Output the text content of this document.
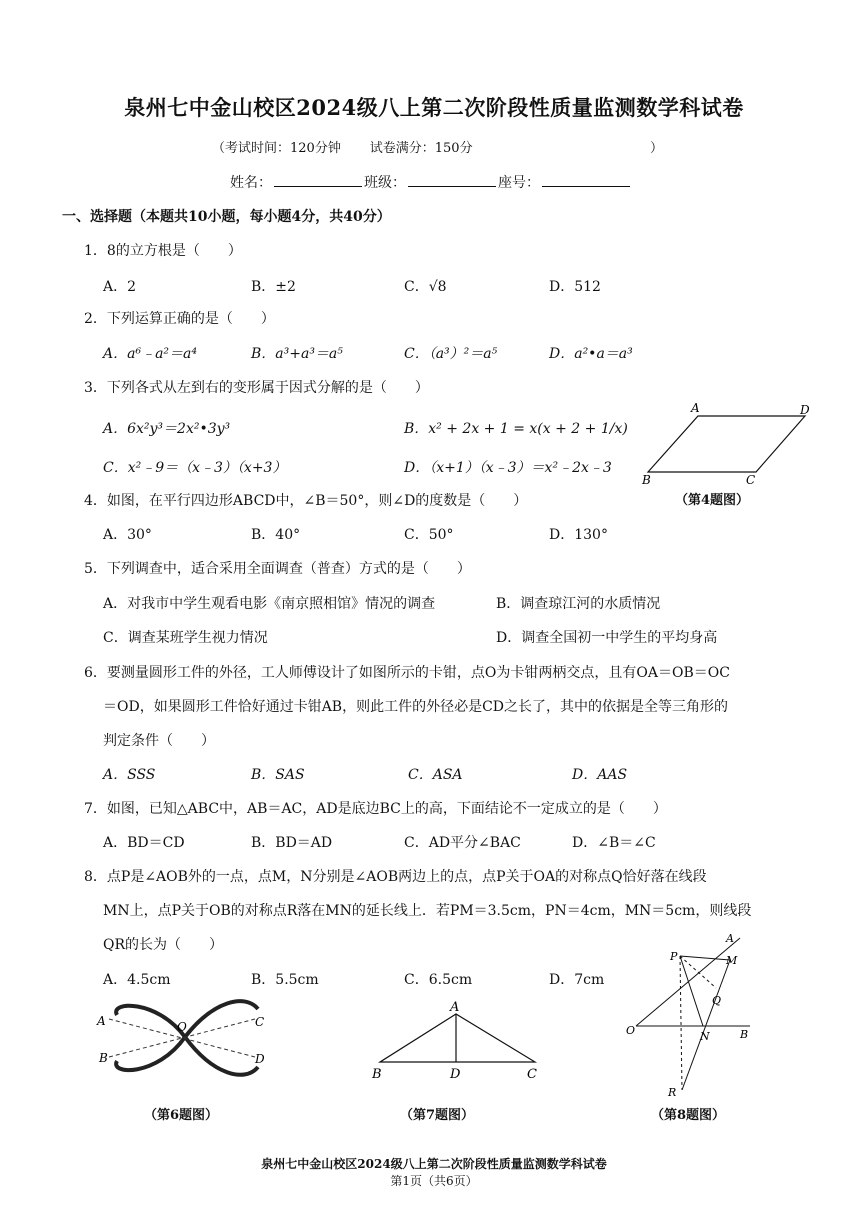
泉州七中金山校区2024级八上第二次阶段性质量监测数学科试卷
（考试时间：120分钟 试卷满分：150分	）
姓名：	班级：	座号：
一、选择题（本题共10小题，每小题4分，共40分）
1．8的立方根是（　　）
A．2	B．±2	C．√8	D．512
2．下列运算正确的是（　　）
A．a⁶﹣a²＝a⁴	B．a³+a³＝a⁵	C．（a³）²＝a⁵	D．a²•a＝a³
3．下列各式从左到右的变形属于因式分解的是（　　）
A．6x²y³＝2x²•3y³	B．x² + 2x + 1 = x(x + 2 + 1/x)
C．x²﹣9＝（x﹣3）（x+3）	D．（x+1）（x﹣3）＝x²﹣2x﹣3
A	D
B	C
（第4题图）
4．如图，在平行四边形ABCD中，∠B＝50°，则∠D的度数是（　　）
A．30°	B．40°	C．50°	D．130°
5．下列调查中，适合采用全面调查（普查）方式的是（　　）
A．对我市中学生观看电影《南京照相馆》情况的调查	B．调查琼江河的水质情况
C．调查某班学生视力情况	D．调查全国初一中学生的平均身高
6．要测量圆形工件的外径，工人师傅设计了如图所示的卡钳，点O为卡钳两柄交点，且有OA＝OB＝OC
＝OD，如果圆形工件恰好通过卡钳AB，则此工件的外径必是CD之长了，其中的依据是全等三角形的
判定条件（　　）
A．SSS	B．SAS	C．ASA	D．AAS
7．如图，已知△ABC中，AB＝AC，AD是底边BC上的高，下面结论不一定成立的是（　　）
A．BD＝CD	B．BD＝AD	C．AD平分∠BAC	D．∠B＝∠C
8．点P是∠AOB外的一点，点M，N分别是∠AOB两边上的点，点P关于OA的对称点Q恰好落在线段
MN上，点P关于OB的对称点R落在MN的延长线上．若PM＝3.5cm，PN＝4cm，MN＝5cm，则线段
QR的长为（　　）
A．4.5cm	B．5.5cm	C．6.5cm	D．7cm
A	O	C
B	D
（第6题图）
A
B	D	C
（第7题图）
P
A
M
Q
O	N	B
R
（第8题图）
泉州七中金山校区2024级八上第二次阶段性质量监测数学科试卷
第1页（共6页）
